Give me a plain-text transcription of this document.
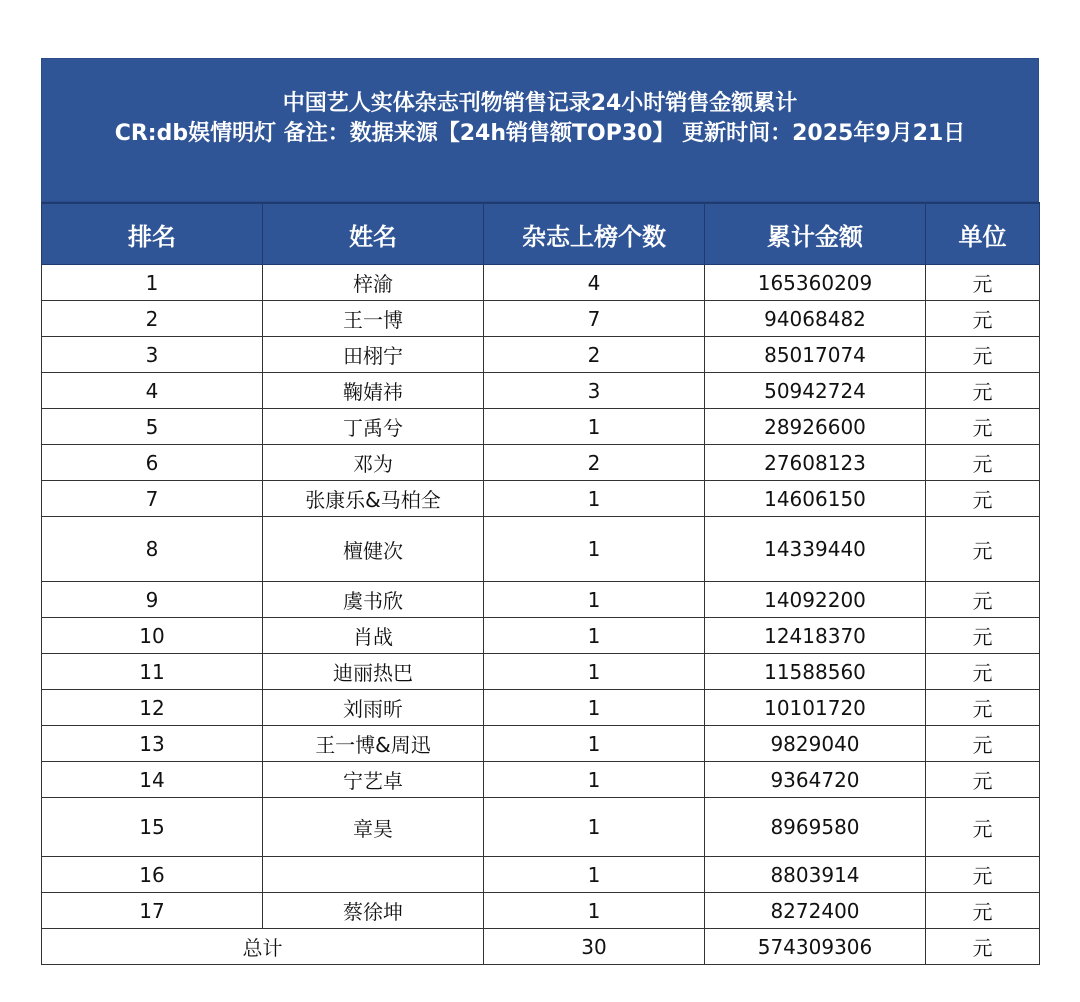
中国艺人实体杂志刊物销售记录24小时销售金额累计
CR:db娱情明灯 备注：数据来源【24h销售额TOP30】 更新时间：2025年9月21日
排名	姓名	杂志上榜个数	累计金额	单位
1	梓渝	4	165360209	元
2	王一博	7	94068482	元
3	田栩宁	2	85017074	元
4	鞠婧祎	3	50942724	元
5	丁禹兮	1	28926600	元
6	邓为	2	27608123	元
7	张康乐&马柏全	1	14606150	元
8	檀健次	1	14339440	元
9	虞书欣	1	14092200	元
10	肖战	1	12418370	元
11	迪丽热巴	1	11588560	元
12	刘雨昕	1	10101720	元
13	王一博&周迅	1	9829040	元
14	宁艺卓	1	9364720	元
15	章昊	1	8969580	元
16		1	8803914	元
17	蔡徐坤	1	8272400	元
总计		30	574309306	元
